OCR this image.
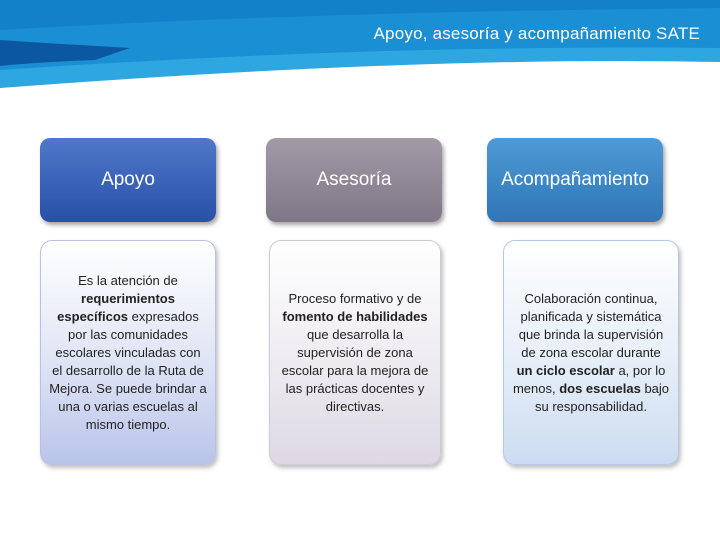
Apoyo, asesoría y acompañamiento SATE
Apoyo	Asesoría	Acompañamiento
Es la atención de requerimientos específicos expresados por las comunidades escolares vinculadas con el desarrollo de la Ruta de Mejora. Se puede brindar a una o varias escuelas al mismo tiempo.
Proceso formativo y de fomento de habilidades que desarrolla la supervisión de zona escolar para la mejora de las prácticas docentes y directivas.
Colaboración continua, planificada y sistemática que brinda la supervisión de zona escolar durante un ciclo escolar a, por lo menos, dos escuelas bajo su responsabilidad.
